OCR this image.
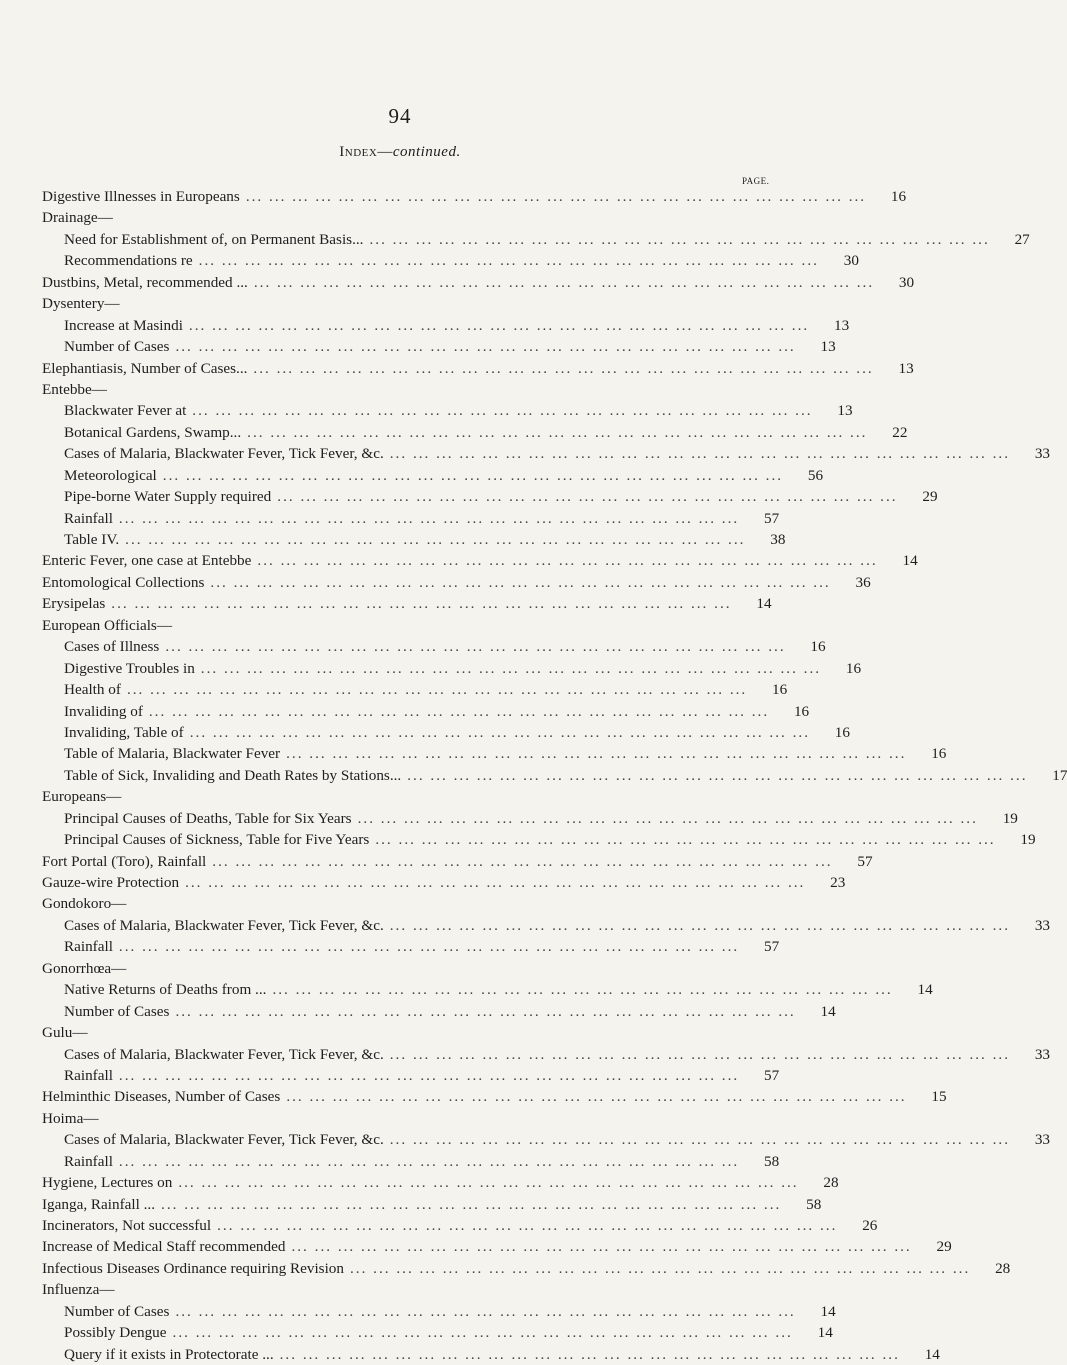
94
Index—continued.
PAGE.
Digestive Illnesses in Europeans ... ... ... ... ... ... ... ... ... ... ... ... ... ... ... ... ... ... ... ... ... ... ... ... ... ... ...	16
Drainage—
Need for Establishment of, on Permanent Basis... ... ... ... ... ... ... ... ... ... ... ... ... ... ... ... ... ... ... ... ... ... ... ... ... ... ... ...	27
Recommendations re ... ... ... ... ... ... ... ... ... ... ... ... ... ... ... ... ... ... ... ... ... ... ... ... ... ... ...	30
Dustbins, Metal, recommended ... ... ... ... ... ... ... ... ... ... ... ... ... ... ... ... ... ... ... ... ... ... ... ... ... ... ... ...	30
Dysentery—
Increase at Masindi ... ... ... ... ... ... ... ... ... ... ... ... ... ... ... ... ... ... ... ... ... ... ... ... ... ... ...	13
Number of Cases ... ... ... ... ... ... ... ... ... ... ... ... ... ... ... ... ... ... ... ... ... ... ... ... ... ... ...	13
Elephantiasis, Number of Cases... ... ... ... ... ... ... ... ... ... ... ... ... ... ... ... ... ... ... ... ... ... ... ... ... ... ... ...	13
Entebbe—
Blackwater Fever at ... ... ... ... ... ... ... ... ... ... ... ... ... ... ... ... ... ... ... ... ... ... ... ... ... ... ...	13
Botanical Gardens, Swamp... ... ... ... ... ... ... ... ... ... ... ... ... ... ... ... ... ... ... ... ... ... ... ... ... ... ... ...	22
Cases of Malaria, Blackwater Fever, Tick Fever, &c. ... ... ... ... ... ... ... ... ... ... ... ... ... ... ... ... ... ... ... ... ... ... ... ... ... ... ...	33
Meteorological ... ... ... ... ... ... ... ... ... ... ... ... ... ... ... ... ... ... ... ... ... ... ... ... ... ... ...	56
Pipe-borne Water Supply required ... ... ... ... ... ... ... ... ... ... ... ... ... ... ... ... ... ... ... ... ... ... ... ... ... ... ...	29
Rainfall ... ... ... ... ... ... ... ... ... ... ... ... ... ... ... ... ... ... ... ... ... ... ... ... ... ... ...	57
Table IV. ... ... ... ... ... ... ... ... ... ... ... ... ... ... ... ... ... ... ... ... ... ... ... ... ... ... ...	38
Enteric Fever, one case at Entebbe ... ... ... ... ... ... ... ... ... ... ... ... ... ... ... ... ... ... ... ... ... ... ... ... ... ... ...	14
Entomological Collections ... ... ... ... ... ... ... ... ... ... ... ... ... ... ... ... ... ... ... ... ... ... ... ... ... ... ...	36
Erysipelas ... ... ... ... ... ... ... ... ... ... ... ... ... ... ... ... ... ... ... ... ... ... ... ... ... ... ...	14
European Officials—
Cases of Illness ... ... ... ... ... ... ... ... ... ... ... ... ... ... ... ... ... ... ... ... ... ... ... ... ... ... ...	16
Digestive Troubles in ... ... ... ... ... ... ... ... ... ... ... ... ... ... ... ... ... ... ... ... ... ... ... ... ... ... ...	16
Health of ... ... ... ... ... ... ... ... ... ... ... ... ... ... ... ... ... ... ... ... ... ... ... ... ... ... ...	16
Invaliding of ... ... ... ... ... ... ... ... ... ... ... ... ... ... ... ... ... ... ... ... ... ... ... ... ... ... ...	16
Invaliding, Table of ... ... ... ... ... ... ... ... ... ... ... ... ... ... ... ... ... ... ... ... ... ... ... ... ... ... ...	16
Table of Malaria, Blackwater Fever ... ... ... ... ... ... ... ... ... ... ... ... ... ... ... ... ... ... ... ... ... ... ... ... ... ... ...	16
Table of Sick, Invaliding and Death Rates by Stations... ... ... ... ... ... ... ... ... ... ... ... ... ... ... ... ... ... ... ... ... ... ... ... ... ... ... ...	17
Europeans—
Principal Causes of Deaths, Table for Six Years ... ... ... ... ... ... ... ... ... ... ... ... ... ... ... ... ... ... ... ... ... ... ... ... ... ... ...	19
Principal Causes of Sickness, Table for Five Years ... ... ... ... ... ... ... ... ... ... ... ... ... ... ... ... ... ... ... ... ... ... ... ... ... ... ...	19
Fort Portal (Toro), Rainfall ... ... ... ... ... ... ... ... ... ... ... ... ... ... ... ... ... ... ... ... ... ... ... ... ... ... ...	57
Gauze-wire Protection ... ... ... ... ... ... ... ... ... ... ... ... ... ... ... ... ... ... ... ... ... ... ... ... ... ... ...	23
Gondokoro—
Cases of Malaria, Blackwater Fever, Tick Fever, &c. ... ... ... ... ... ... ... ... ... ... ... ... ... ... ... ... ... ... ... ... ... ... ... ... ... ... ...	33
Rainfall ... ... ... ... ... ... ... ... ... ... ... ... ... ... ... ... ... ... ... ... ... ... ... ... ... ... ...	57
Gonorrhœa—
Native Returns of Deaths from ... ... ... ... ... ... ... ... ... ... ... ... ... ... ... ... ... ... ... ... ... ... ... ... ... ... ... ...	14
Number of Cases ... ... ... ... ... ... ... ... ... ... ... ... ... ... ... ... ... ... ... ... ... ... ... ... ... ... ...	14
Gulu—
Cases of Malaria, Blackwater Fever, Tick Fever, &c. ... ... ... ... ... ... ... ... ... ... ... ... ... ... ... ... ... ... ... ... ... ... ... ... ... ... ...	33
Rainfall ... ... ... ... ... ... ... ... ... ... ... ... ... ... ... ... ... ... ... ... ... ... ... ... ... ... ...	57
Helminthic Diseases, Number of Cases ... ... ... ... ... ... ... ... ... ... ... ... ... ... ... ... ... ... ... ... ... ... ... ... ... ... ...	15
Hoima—
Cases of Malaria, Blackwater Fever, Tick Fever, &c. ... ... ... ... ... ... ... ... ... ... ... ... ... ... ... ... ... ... ... ... ... ... ... ... ... ... ...	33
Rainfall ... ... ... ... ... ... ... ... ... ... ... ... ... ... ... ... ... ... ... ... ... ... ... ... ... ... ...	58
Hygiene, Lectures on ... ... ... ... ... ... ... ... ... ... ... ... ... ... ... ... ... ... ... ... ... ... ... ... ... ... ...	28
Iganga, Rainfall ... ... ... ... ... ... ... ... ... ... ... ... ... ... ... ... ... ... ... ... ... ... ... ... ... ... ... ...	58
Incinerators, Not successful ... ... ... ... ... ... ... ... ... ... ... ... ... ... ... ... ... ... ... ... ... ... ... ... ... ... ...	26
Increase of Medical Staff recommended ... ... ... ... ... ... ... ... ... ... ... ... ... ... ... ... ... ... ... ... ... ... ... ... ... ... ...	29
Infectious Diseases Ordinance requiring Revision ... ... ... ... ... ... ... ... ... ... ... ... ... ... ... ... ... ... ... ... ... ... ... ... ... ... ...	28
Influenza—
Number of Cases ... ... ... ... ... ... ... ... ... ... ... ... ... ... ... ... ... ... ... ... ... ... ... ... ... ... ...	14
Possibly Dengue ... ... ... ... ... ... ... ... ... ... ... ... ... ... ... ... ... ... ... ... ... ... ... ... ... ... ...	14
Query if it exists in Protectorate ... ... ... ... ... ... ... ... ... ... ... ... ... ... ... ... ... ... ... ... ... ... ... ... ... ... ... ...	14
